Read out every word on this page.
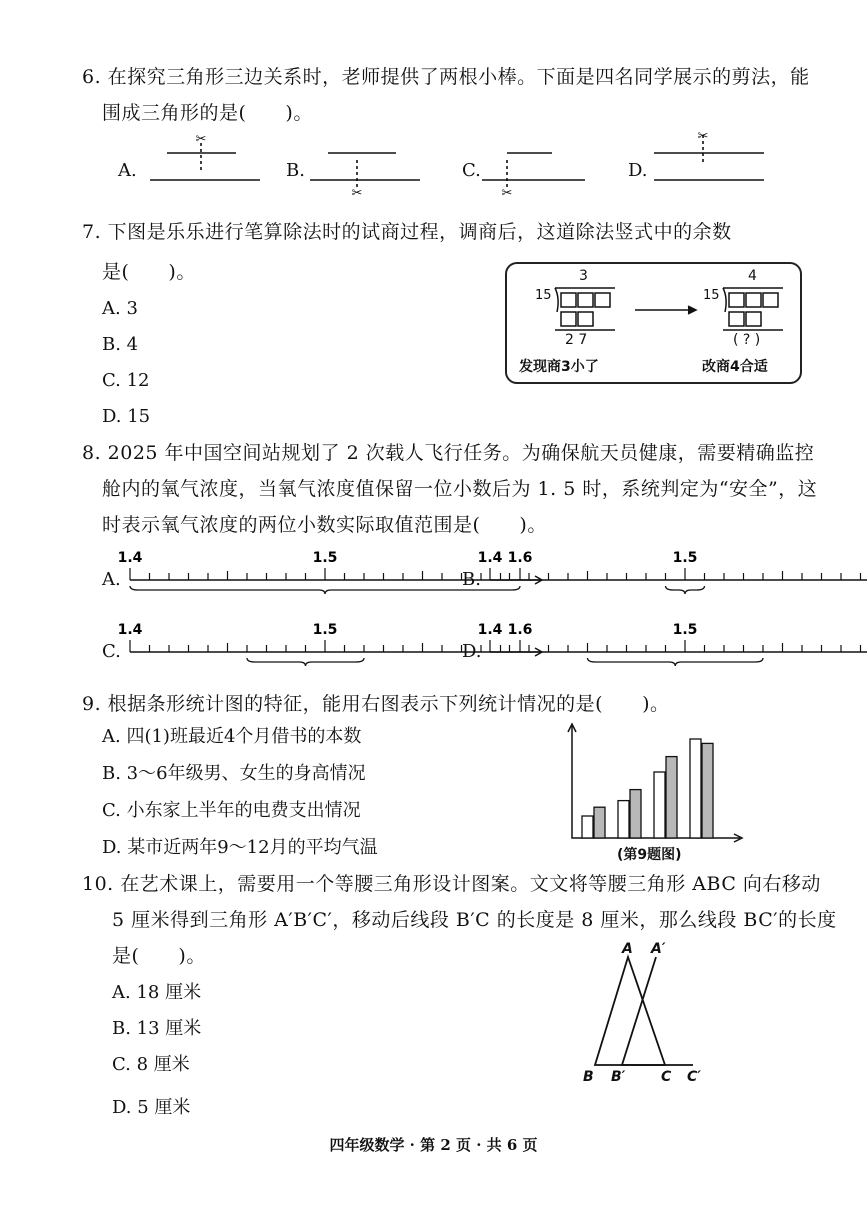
6. 在探究三角形三边关系时，老师提供了两根小棒。下面是四名同学展示的剪法，能
围成三角形的是(　　)。
A.	B.	C.	D.
✂
✂	✂
✂
7. 下图是乐乐进行笔算除法时的试商过程，调商后，这道除法竖式中的余数
是(　　)。
A. 3
B. 4
C. 12
D. 15
3	4
15	15
2 7	( ? )
发现商3小了	改商4合适
8. 2025 年中国空间站规划了 2 次载人飞行任务。为确保航天员健康，需要精确监控
舱内的氧气浓度，当氧气浓度值保留一位小数后为 1. 5 时，系统判定为“安全”，这
时表示氧气浓度的两位小数实际取值范围是(　　)。
A.	B.
C.	D.
1.4	1.5	1.6
1.4	1.5
1.4	1.5	1.6
1.4	1.5
9. 根据条形统计图的特征，能用右图表示下列统计情况的是(　　)。
A. 四(1)班最近4个月借书的本数
B. 3～6年级男、女生的身高情况
C. 小东家上半年的电费支出情况
D. 某市近两年9～12月的平均气温	(第9题图)
10. 在艺术课上，需要用一个等腰三角形设计图案。文文将等腰三角形 ABC 向右移动
5 厘米得到三角形 A′B′C′，移动后线段 B′C 的长度是 8 厘米，那么线段 BC′的长度
是(　　)。
A. 18 厘米
B. 13 厘米
C. 8 厘米
D. 5 厘米
A A′
B B′	C C′
四年级数学 · 第 2 页 · 共 6 页
